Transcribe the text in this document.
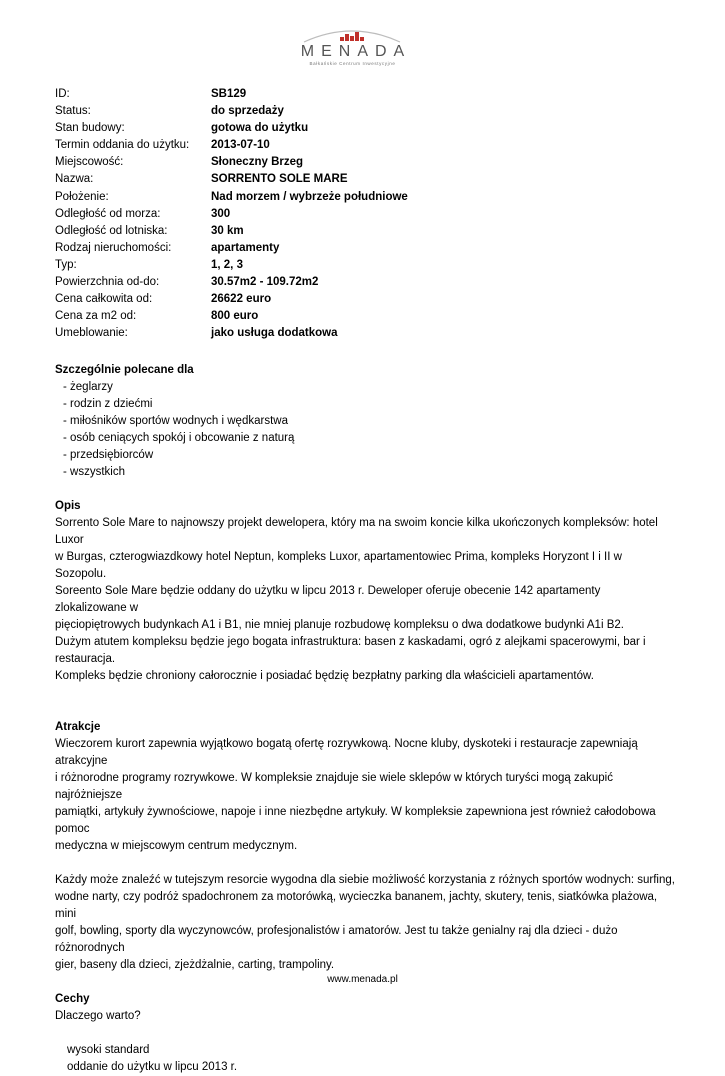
MENADA
Bałkańskie Centrum Inwestycyjne
ID:	SB129
Status:	do sprzedaży
Stan budowy:	gotowa do użytku
Termin oddania do użytku: 2013-07-10
Miejscowość:	Słoneczny Brzeg
Nazwa:	SORRENTO SOLE MARE
Położenie:	Nad morzem / wybrzeże południowe
Odległość od morza:	300
Odległość od lotniska:	30 km
Rodzaj nieruchomości:	apartamenty
Typ:	1, 2, 3
Powierzchnia od-do:	30.57m2 - 109.72m2
Cena całkowita od:	26622 euro
Cena za m2 od:	800 euro
Umeblowanie:	jako usługa dodatkowa
Szczególnie polecane dla
- żeglarzy
- rodzin z dziećmi
- miłośników sportów wodnych i wędkarstwa
- osób ceniących spokój i obcowanie z naturą
- przedsiębiorców
- wszystkich
Opis
Sorrento Sole Mare to najnowszy projekt dewelopera, który ma na swoim koncie kilka ukończonych kompleksów: hotel Luxor
w Burgas, czterogwiazdkowy hotel Neptun, kompleks Luxor, apartamentowiec Prima, kompleks Horyzont I i II w Sozopolu.
Soreento Sole Mare będzie oddany do użytku w lipcu 2013 r. Deweloper oferuje obecenie 142 apartamenty zlokalizowane w
pięciopiętrowych budynkach A1 i B1, nie mniej planuje rozbudowę kompleksu o dwa dodatkowe budynki A1i B2.
Dużym atutem kompleksu będzie jego bogata infrastruktura: basen z kaskadami, ogró z alejkami spacerowymi, bar i
restauracja.
Kompleks będzie chroniony całorocznie i posiadać będzię bezpłatny parking dla właścicieli apartamentów.
Atrakcje
Wieczorem kurort zapewnia wyjątkowo bogatą ofertę rozrywkową. Nocne kluby, dyskoteki i restauracje zapewniają atrakcyjne
i różnorodne programy rozrywkowe. W kompleksie znajduje sie wiele sklepów w których turyści mogą zakupić najróżniejsze
pamiątki, artykuły żywnościowe, napoje i inne niezbędne artykuły. W kompleksie zapewniona jest również całodobowa pomoc
medyczna w miejscowym centrum medycznym.
Każdy może znaleźć w tutejszym resorcie wygodna dla siebie możliwość korzystania z różnych sportów wodnych: surfing,
wodne narty, czy podróż spadochronem za motorówką, wycieczka bananem, jachty, skutery, tenis, siatkówka plażowa, mini
golf, bowling, sporty dla wyczynowców, profesjonalistów i amatorów. Jest tu także genialny raj dla dzieci - dużo różnorodnych
gier, baseny dla dzieci, zjeżdżalnie, carting, trampoliny.
Cechy
Dlaczego warto?
wysoki standard
oddanie do użytku w lipcu 2013 r.
www.menada.pl
